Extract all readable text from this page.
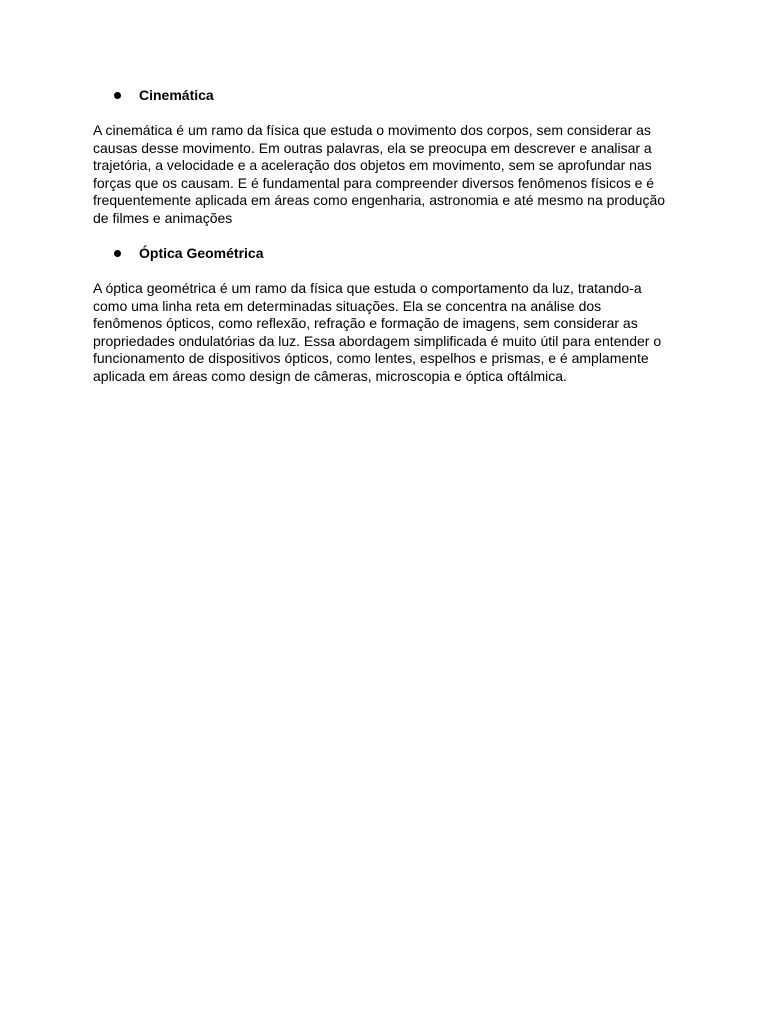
Cinemática

A cinemática é um ramo da física que estuda o movimento dos corpos, sem considerar as
causas desse movimento. Em outras palavras, ela se preocupa em descrever e analisar a
trajetória, a velocidade e a aceleração dos objetos em movimento, sem se aprofundar nas
forças que os causam. E é fundamental para compreender diversos fenômenos físicos e é
frequentemente aplicada em áreas como engenharia, astronomia e até mesmo na produção
de filmes e animações

Óptica Geométrica

A óptica geométrica é um ramo da física que estuda o comportamento da luz, tratando-a
como uma linha reta em determinadas situações. Ela se concentra na análise dos
fenômenos ópticos, como reflexão, refração e formação de imagens, sem considerar as
propriedades ondulatórias da luz. Essa abordagem simplificada é muito útil para entender o
funcionamento de dispositivos ópticos, como lentes, espelhos e prismas, e é amplamente
aplicada em áreas como design de câmeras, microscopia e óptica oftálmica.
